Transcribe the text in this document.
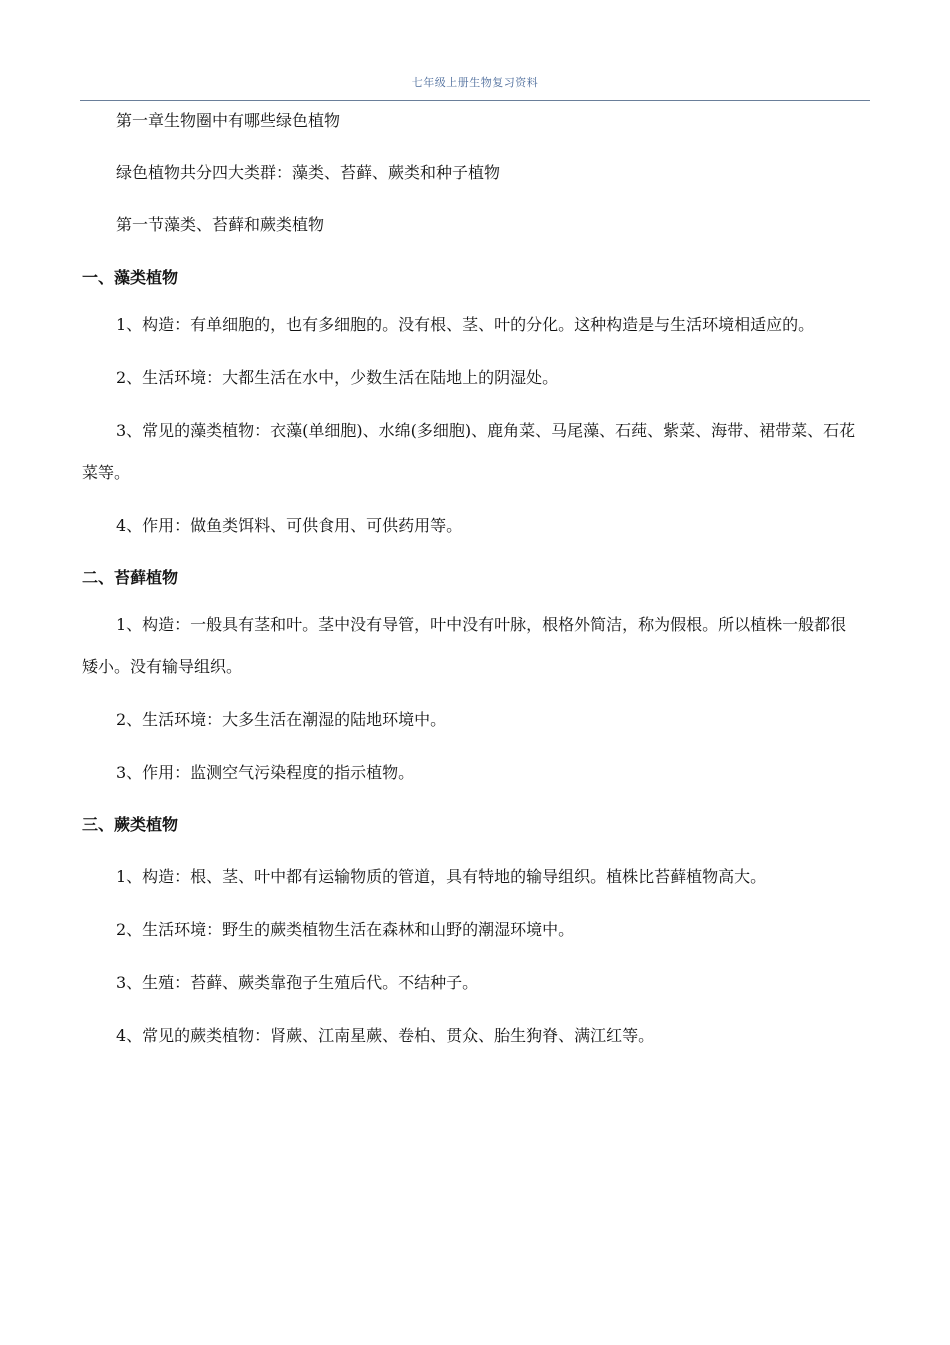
七年级上册生物复习资料

第一章生物圈中有哪些绿色植物

绿色植物共分四大类群：藻类、苔藓、蕨类和种子植物

第一节藻类、苔藓和蕨类植物

一、藻类植物

1、构造：有单细胞的，也有多细胞的。没有根、茎、叶的分化。这种构造是与生活环境相适应的。

2、生活环境：大都生活在水中，少数生活在陆地上的阴湿处。

3、常见的藻类植物：衣藻(单细胞)、水绵(多细胞)、鹿角菜、马尾藻、石莼、紫菜、海带、裙带菜、石花菜等。

4、作用：做鱼类饵料、可供食用、可供药用等。

二、苔藓植物

1、构造：一般具有茎和叶。茎中没有导管，叶中没有叶脉，根格外简洁，称为假根。所以植株一般都很矮小。没有输导组织。

2、生活环境：大多生活在潮湿的陆地环境中。

3、作用：监测空气污染程度的指示植物。

三、蕨类植物

1、构造：根、茎、叶中都有运输物质的管道，具有特地的输导组织。植株比苔藓植物高大。

2、生活环境：野生的蕨类植物生活在森林和山野的潮湿环境中。

3、生殖：苔藓、蕨类靠孢子生殖后代。不结种子。

4、常见的蕨类植物：肾蕨、江南星蕨、卷柏、贯众、胎生狗脊、满江红等。
